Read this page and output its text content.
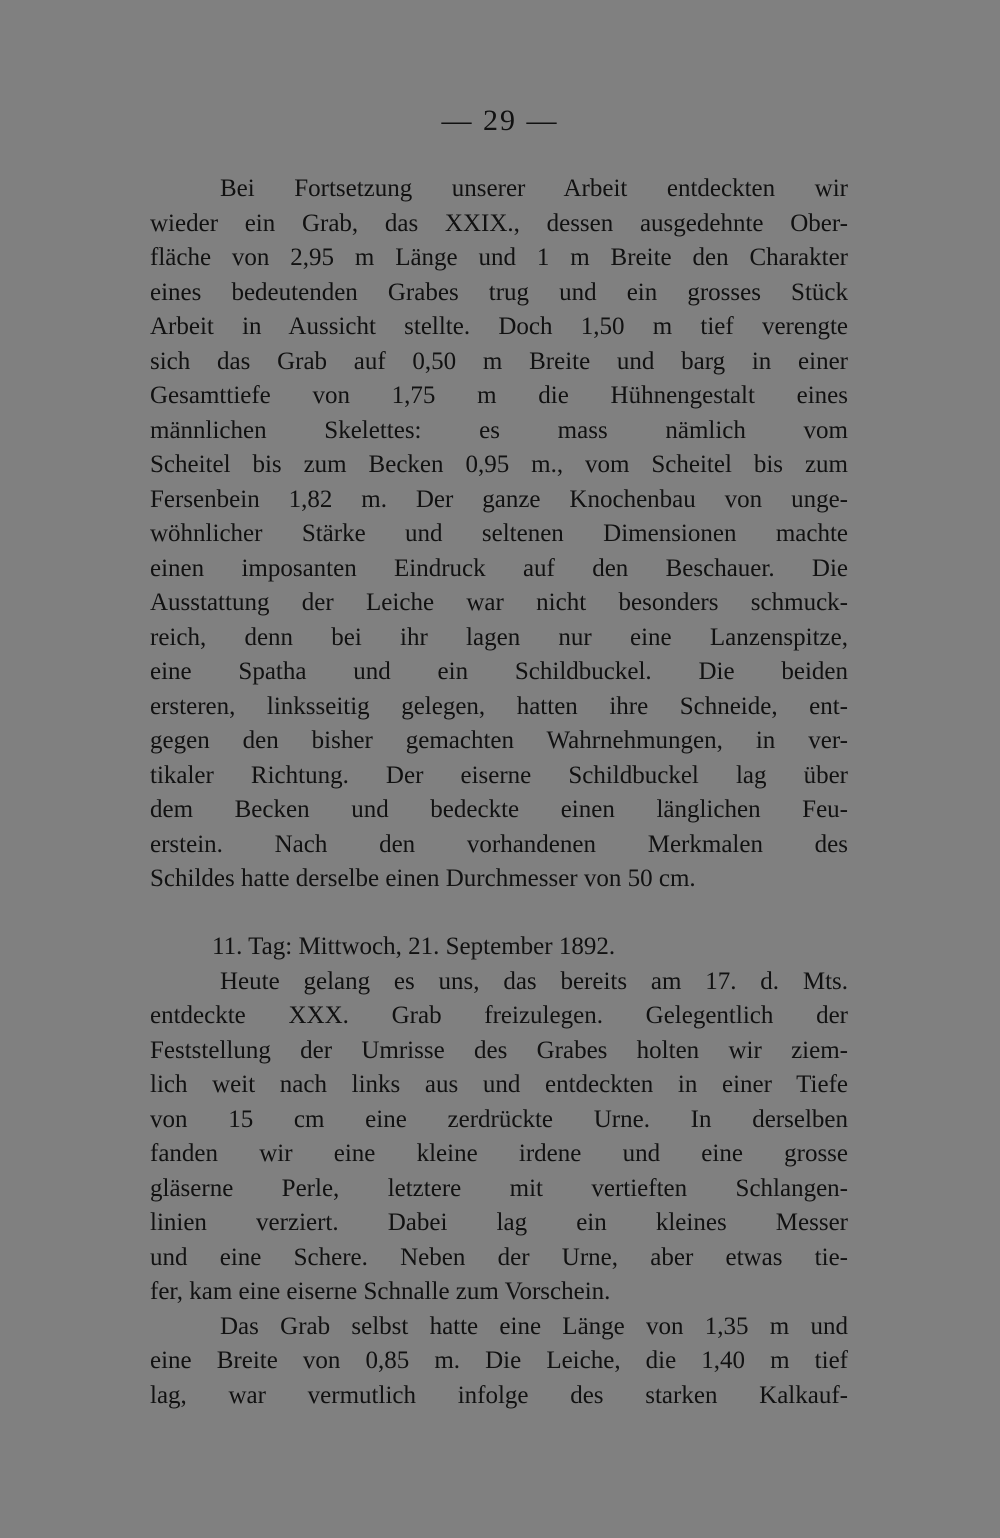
— 29 —
Bei Fortsetzung unserer Arbeit entdeckten wir
wieder ein Grab, das XXIX., dessen ausgedehnte Ober-
fläche von 2,95 m Länge und 1 m Breite den Charakter
eines bedeutenden Grabes trug und ein grosses Stück
Arbeit in Aussicht stellte. Doch 1,50 m tief verengte
sich das Grab auf 0,50 m Breite und barg in einer
Gesamttiefe von 1,75 m die Hühnengestalt eines
männlichen Skelettes: es mass nämlich vom
Scheitel bis zum Becken 0,95 m., vom Scheitel bis zum
Fersenbein 1,82 m. Der ganze Knochenbau von unge-
wöhnlicher Stärke und seltenen Dimensionen machte
einen imposanten Eindruck auf den Beschauer. Die
Ausstattung der Leiche war nicht besonders schmuck-
reich, denn bei ihr lagen nur eine Lanzenspitze,
eine Spatha und ein Schildbuckel. Die beiden
ersteren, linksseitig gelegen, hatten ihre Schneide, ent-
gegen den bisher gemachten Wahrnehmungen, in ver-
tikaler Richtung. Der eiserne Schildbuckel lag über
dem Becken und bedeckte einen länglichen Feu-
erstein. Nach den vorhandenen Merkmalen des
Schildes hatte derselbe einen Durchmesser von 50 cm.
11. Tag: Mittwoch, 21. September 1892.
Heute gelang es uns, das bereits am 17. d. Mts.
entdeckte XXX. Grab freizulegen. Gelegentlich der
Feststellung der Umrisse des Grabes holten wir ziem-
lich weit nach links aus und entdeckten in einer Tiefe
von 15 cm eine zerdrückte Urne. In derselben
fanden wir eine kleine irdene und eine grosse
gläserne Perle, letztere mit vertieften Schlangen-
linien verziert. Dabei lag ein kleines Messer
und eine Schere. Neben der Urne, aber etwas tie-
fer, kam eine eiserne Schnalle zum Vorschein.
Das Grab selbst hatte eine Länge von 1,35 m und
eine Breite von 0,85 m. Die Leiche, die 1,40 m tief
lag, war vermutlich infolge des starken Kalkauf-
